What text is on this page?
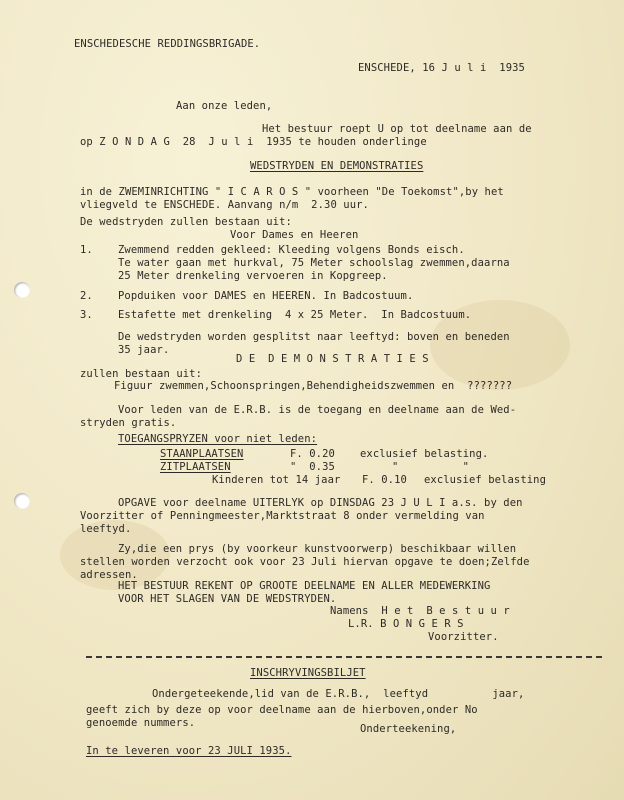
ENSCHEDESCHE REDDINGSBRIGADE.
ENSCHEDE, 16 J u l i  1935
Aan onze leden,
Het bestuur roept U op tot deelname aan de
op Z O N D A G  28  J u l i  1935 te houden onderlinge
WEDSTRYDEN EN DEMONSTRATIES
in de ZWEMINRICHTING " I C A R O S " voorheen "De Toekomst",by het
vliegveld te ENSCHEDE. Aanvang n/m  2.30 uur.
De wedstryden zullen bestaan uit:
Voor Dames en Heeren
1. Zwemmend redden gekleed: Kleeding volgens Bonds eisch.
Te water gaan met hurkval, 75 Meter schoolslag zwemmen,daarna
25 Meter drenkeling vervoeren in Kopgreep.
2. Popduiken voor DAMES en HEEREN. In Badcostuum.
3. Estafette met drenkeling  4 x 25 Meter.  In Badcostuum.
De wedstryden worden gesplitst naar leeftyd: boven en beneden
35 jaar.
D E  D E M O N S T R A T I E S
zullen bestaan uit:
Figuur zwemmen,Schoonspringen,Behendigheidszwemmen en  ???????
Voor leden van de E.R.B. is de toegang en deelname aan de Wed-
stryden gratis.
TOEGANGSPRYZEN voor niet leden:
STAANPLAATSEN	F. 0.20 exclusief belasting.
ZITPLAATSEN	"  0.35	"          "
Kinderen tot 14 jaar F. 0.10 exclusief belasting
OPGAVE voor deelname UITERLYK op DINSDAG 23 J U L I a.s. by den
Voorzitter of Penningmeester,Marktstraat 8 onder vermelding van
leeftyd.
Zy,die een prys (by voorkeur kunstvoorwerp) beschikbaar willen
stellen worden verzocht ook voor 23 Juli hiervan opgave te doen;Zelfde
adressen.
HET BESTUUR REKENT OP GROOTE DEELNAME EN ALLER MEDEWERKING
VOOR HET SLAGEN VAN DE WEDSTRYDEN.
Namens  H e t  B e s t u u r
L.R. B O N G E R S
Voorzitter.
INSCHRYVINGSBILJET
Ondergeteekende,lid van de E.R.B.,  leeftyd          jaar,
geeft zich by deze op voor deelname aan de hierboven,onder No
genoemde nummers.	Onderteekening,
In te leveren voor 23 JULI 1935.
